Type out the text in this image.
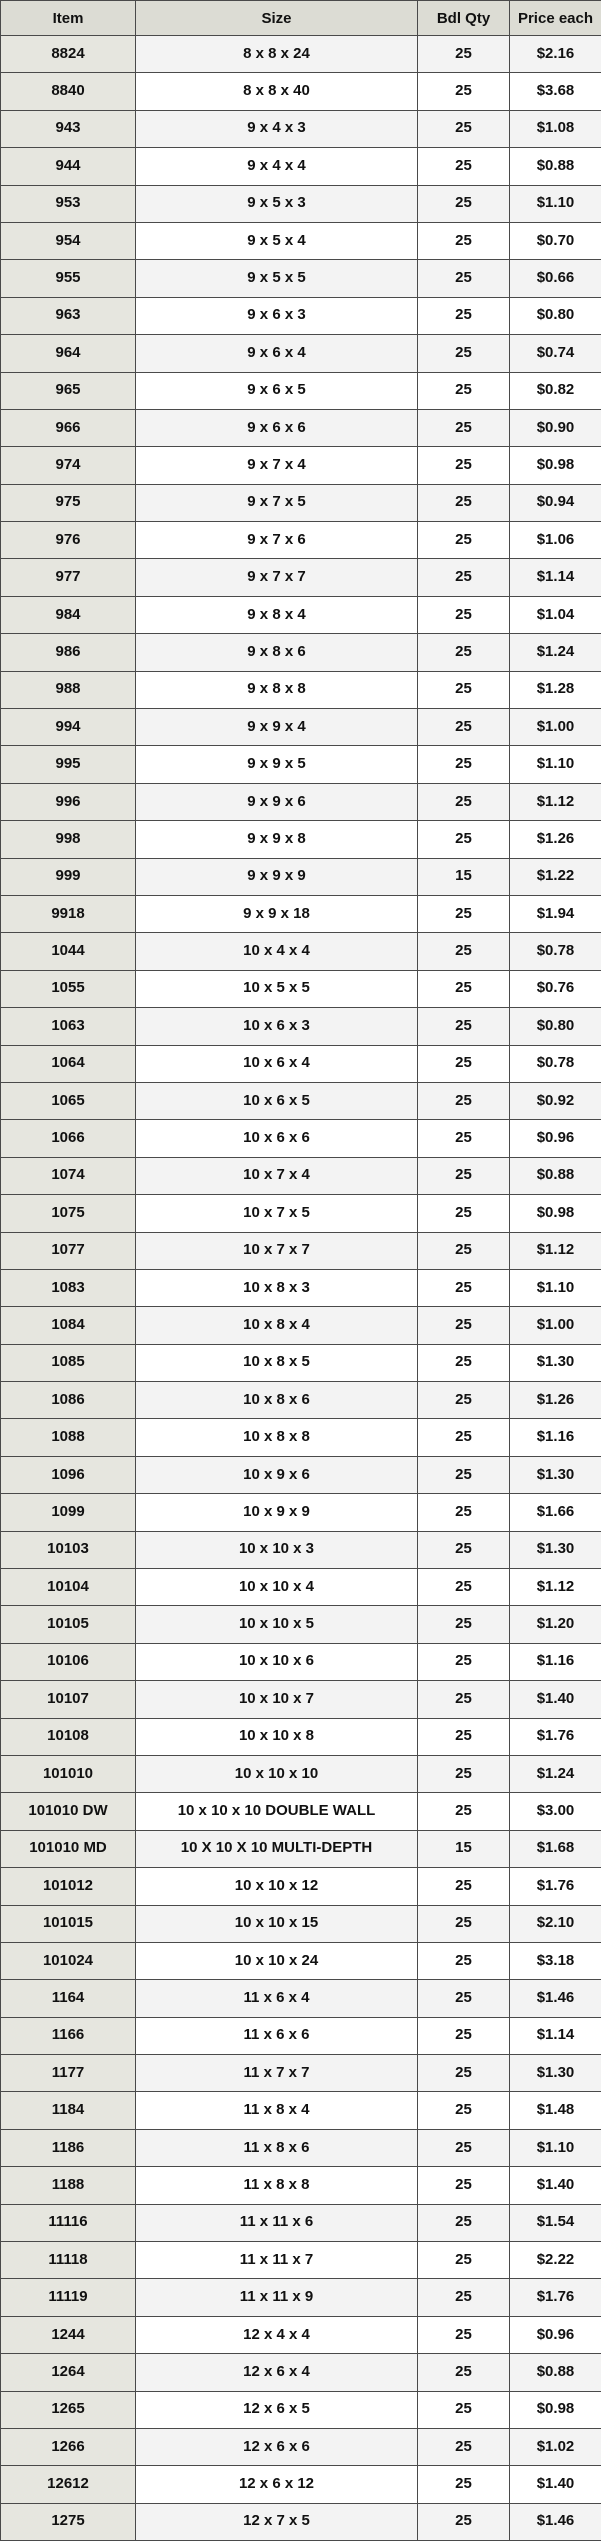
Item	Size	Bdl Qty	Price each
8824	8 x 8 x 24	25	$2.16
8840	8 x 8 x 40	25	$3.68
943	9 x 4 x 3	25	$1.08
944	9 x 4 x 4	25	$0.88
953	9 x 5 x 3	25	$1.10
954	9 x 5 x 4	25	$0.70
955	9 x 5 x 5	25	$0.66
963	9 x 6 x 3	25	$0.80
964	9 x 6 x 4	25	$0.74
965	9 x 6 x 5	25	$0.82
966	9 x 6 x 6	25	$0.90
974	9 x 7 x 4	25	$0.98
975	9 x 7 x 5	25	$0.94
976	9 x 7 x 6	25	$1.06
977	9 x 7 x 7	25	$1.14
984	9 x 8 x 4	25	$1.04
986	9 x 8 x 6	25	$1.24
988	9 x 8 x 8	25	$1.28
994	9 x 9 x 4	25	$1.00
995	9 x 9 x 5	25	$1.10
996	9 x 9 x 6	25	$1.12
998	9 x 9 x 8	25	$1.26
999	9 x 9 x 9	15	$1.22
9918	9 x 9 x 18	25	$1.94
1044	10 x 4 x 4	25	$0.78
1055	10 x 5 x 5	25	$0.76
1063	10 x 6 x 3	25	$0.80
1064	10 x 6 x 4	25	$0.78
1065	10 x 6 x 5	25	$0.92
1066	10 x 6 x 6	25	$0.96
1074	10 x 7 x 4	25	$0.88
1075	10 x 7 x 5	25	$0.98
1077	10 x 7 x 7	25	$1.12
1083	10 x 8 x 3	25	$1.10
1084	10 x 8 x 4	25	$1.00
1085	10 x 8 x 5	25	$1.30
1086	10 x 8 x 6	25	$1.26
1088	10 x 8 x 8	25	$1.16
1096	10 x 9 x 6	25	$1.30
1099	10 x 9 x 9	25	$1.66
10103	10 x 10 x 3	25	$1.30
10104	10 x 10 x 4	25	$1.12
10105	10 x 10 x 5	25	$1.20
10106	10 x 10 x 6	25	$1.16
10107	10 x 10 x 7	25	$1.40
10108	10 x 10 x 8	25	$1.76
101010	10 x 10 x 10	25	$1.24
101010 DW	10 x 10 x 10 DOUBLE WALL	25	$3.00
101010 MD	10 X 10 X 10 MULTI-DEPTH	15	$1.68
101012	10 x 10 x 12	25	$1.76
101015	10 x 10 x 15	25	$2.10
101024	10 x 10 x 24	25	$3.18
1164	11 x 6 x 4	25	$1.46
1166	11 x 6 x 6	25	$1.14
1177	11 x 7 x 7	25	$1.30
1184	11 x 8 x 4	25	$1.48
1186	11 x 8 x 6	25	$1.10
1188	11 x 8 x 8	25	$1.40
11116	11 x 11 x 6	25	$1.54
11118	11 x 11 x 7	25	$2.22
11119	11 x 11 x 9	25	$1.76
1244	12 x 4 x 4	25	$0.96
1264	12 x 6 x 4	25	$0.88
1265	12 x 6 x 5	25	$0.98
1266	12 x 6 x 6	25	$1.02
12612	12 x 6 x 12	25	$1.40
1275	12 x 7 x 5	25	$1.46
